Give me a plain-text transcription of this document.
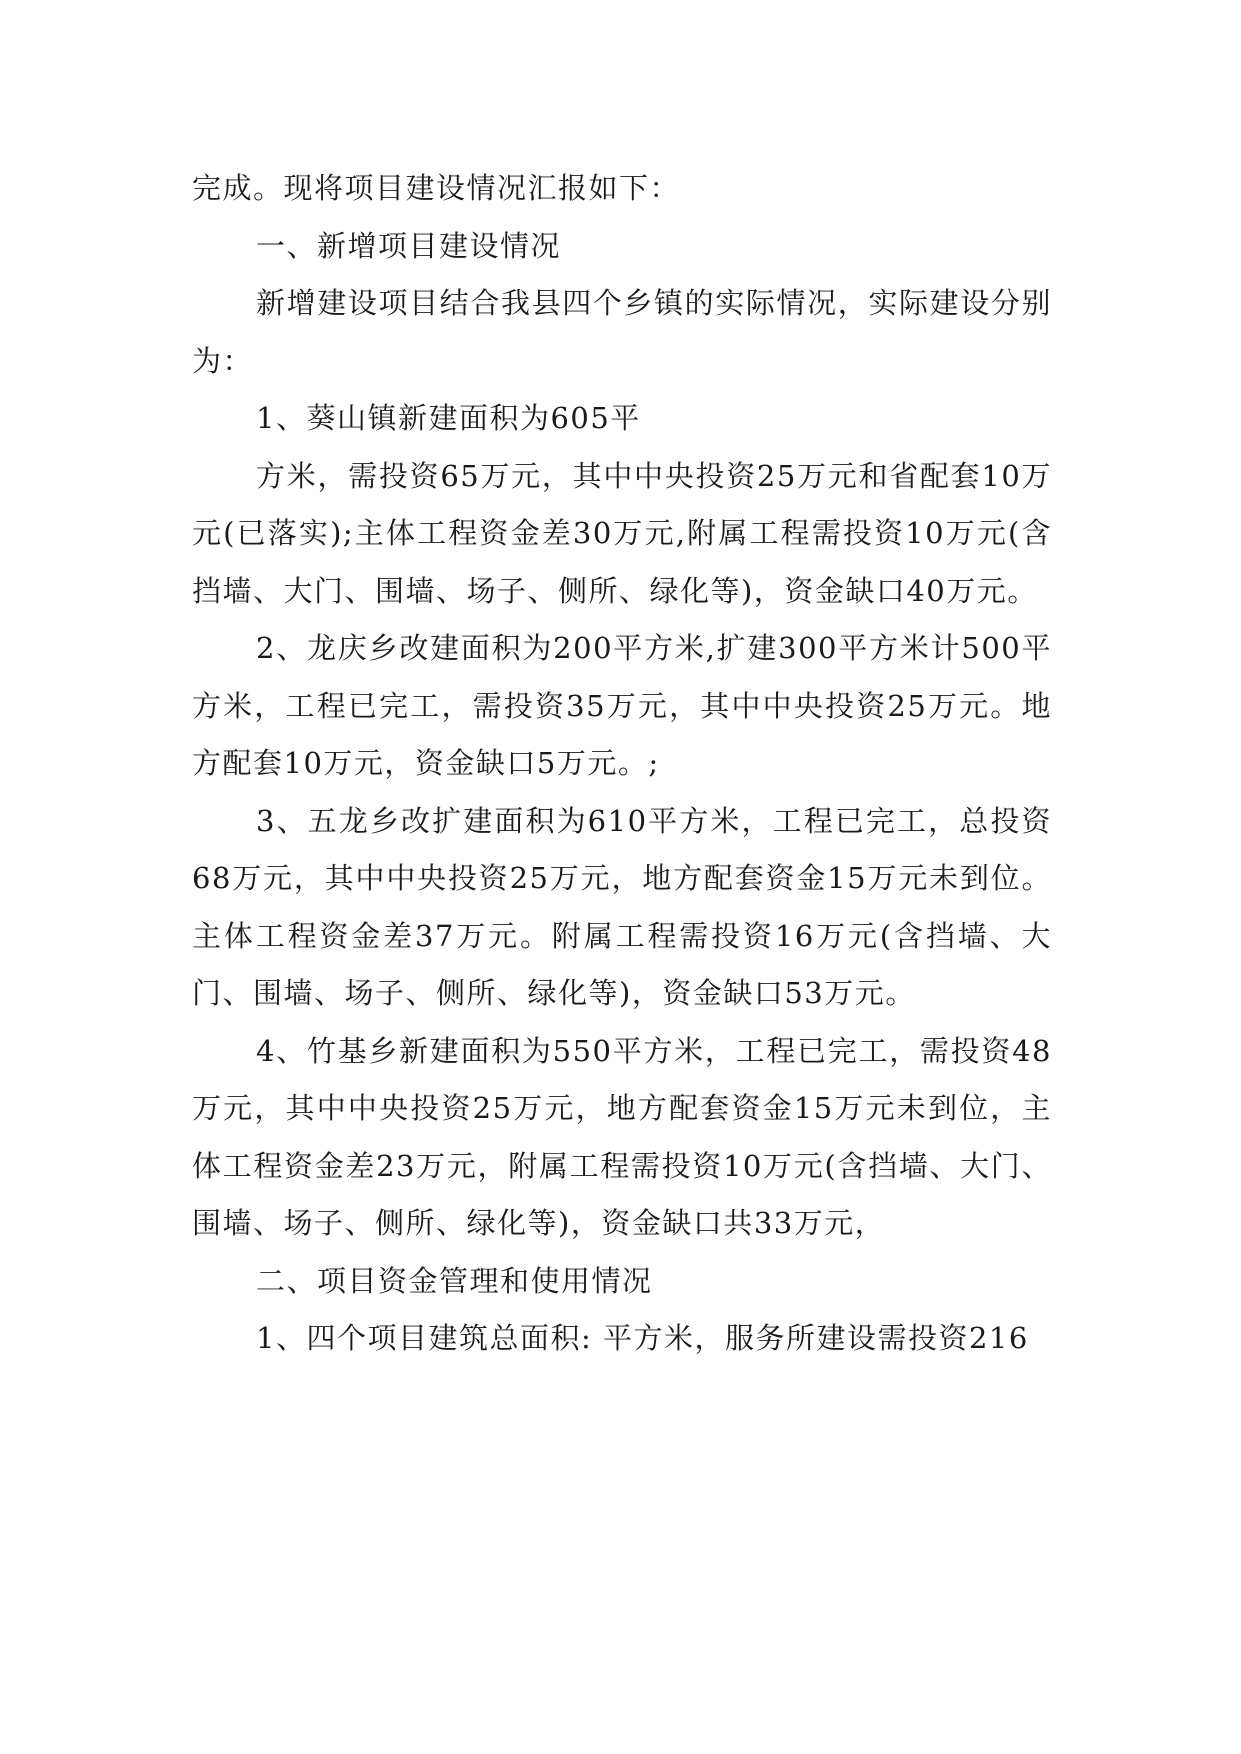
完成。现将项目建设情况汇报如下：

一、新增项目建设情况

新增建设项目结合我县四个乡镇的实际情况，实际建设分别为：

1、葵山镇新建面积为605平

方米，需投资65万元，其中中央投资25万元和省配套10万元(已落实);主体工程资金差30万元,附属工程需投资10万元(含挡墙、大门、围墙、场子、侧所、绿化等)，资金缺口40万元。

2、龙庆乡改建面积为200平方米,扩建300平方米计500平方米，工程已完工，需投资35万元，其中中央投资25万元。地方配套10万元，资金缺口5万元。;

3、五龙乡改扩建面积为610平方米，工程已完工，总投资68万元，其中中央投资25万元，地方配套资金15万元未到位。主体工程资金差37万元。附属工程需投资16万元(含挡墙、大门、围墙、场子、侧所、绿化等)，资金缺口53万元。

4、竹基乡新建面积为550平方米，工程已完工，需投资48万元，其中中央投资25万元，地方配套资金15万元未到位，主体工程资金差23万元，附属工程需投资10万元(含挡墙、大门、围墙、场子、侧所、绿化等)，资金缺口共33万元，

二、项目资金管理和使用情况

1、四个项目建筑总面积: 平方米，服务所建设需投资216
